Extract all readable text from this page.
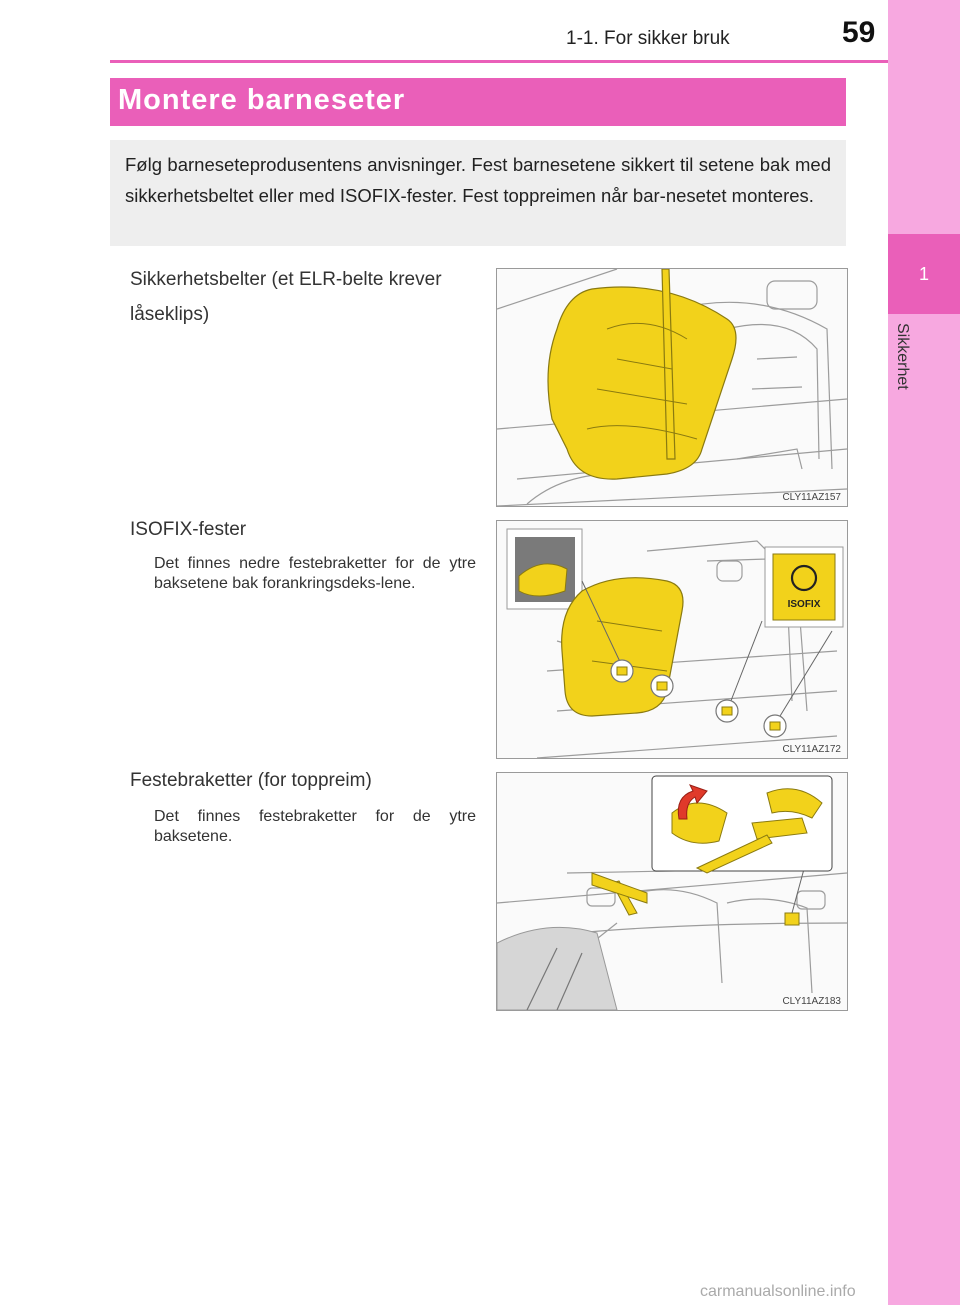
1
Sikkerhet
1-1. For sikker bruk	59
Montere barneseter

Følg barneseteprodusentens anvisninger. Fest barnesetene sikkert til setene bak med sikkerhetsbeltet eller med ISOFIX-fester. Fest toppreimen når bar-nesetet monteres.

Sikkerhetsbelter (et ELR-belte krever låseklips)
CLY11AZ157
ISOFIX-fester
Det finnes nedre festebraketter for de ytre baksetene bak forankringsdeks-lene.
ISOFIX
CLY11AZ172
Festebraketter (for toppreim)
Det finnes festebraketter for de ytre baksetene.
CLY11AZ183
carmanualsonline.info
